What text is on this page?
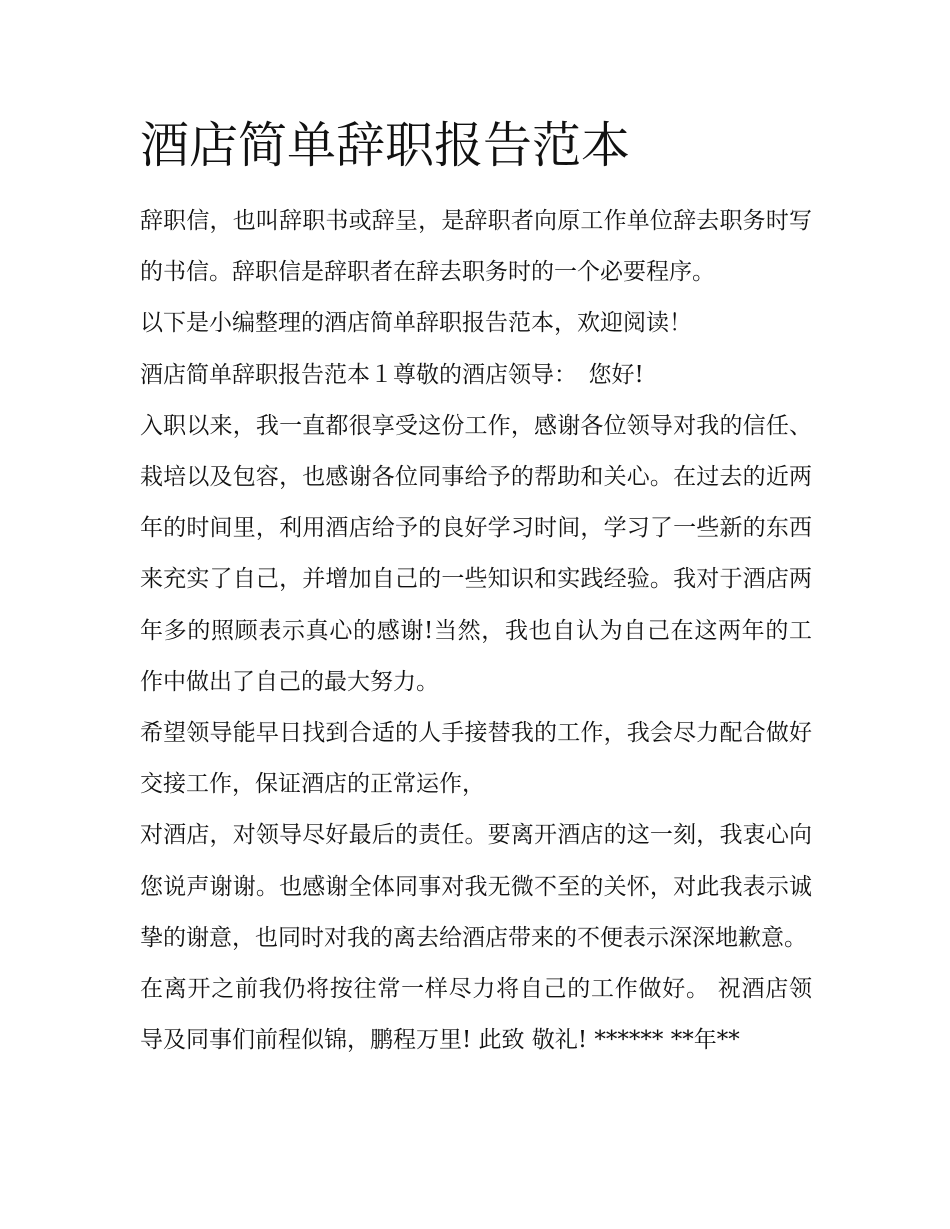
酒店简单辞职报告范本

辞职信，也叫辞职书或辞呈，是辞职者向原工作单位辞去职务时写的书信。辞职信是辞职者在辞去职务时的一个必要程序。

以下是小编整理的酒店简单辞职报告范本，欢迎阅读！

酒店简单辞职报告范本１尊敬的酒店领导：　您好!

入职以来，我一直都很享受这份工作，感谢各位领导对我的信任、栽培以及包容，也感谢各位同事给予的帮助和关心。在过去的近两年的时间里，利用酒店给予的良好学习时间，学习了一些新的东西来充实了自己，并增加自己的一些知识和实践经验。我对于酒店两年多的照顾表示真心的感谢!当然，我也自认为自己在这两年的工作中做出了自己的最大努力。

希望领导能早日找到合适的人手接替我的工作，我会尽力配合做好交接工作，保证酒店的正常运作，

对酒店，对领导尽好最后的责任。要离开酒店的这一刻，我衷心向您说声谢谢。也感谢全体同事对我无微不至的关怀，对此我表示诚挚的谢意，也同时对我的离去给酒店带来的不便表示深深地歉意。

在离开之前我仍将按往常一样尽力将自己的工作做好。 祝酒店领导及同事们前程似锦，鹏程万里! 此致 敬礼! ****** **年**
